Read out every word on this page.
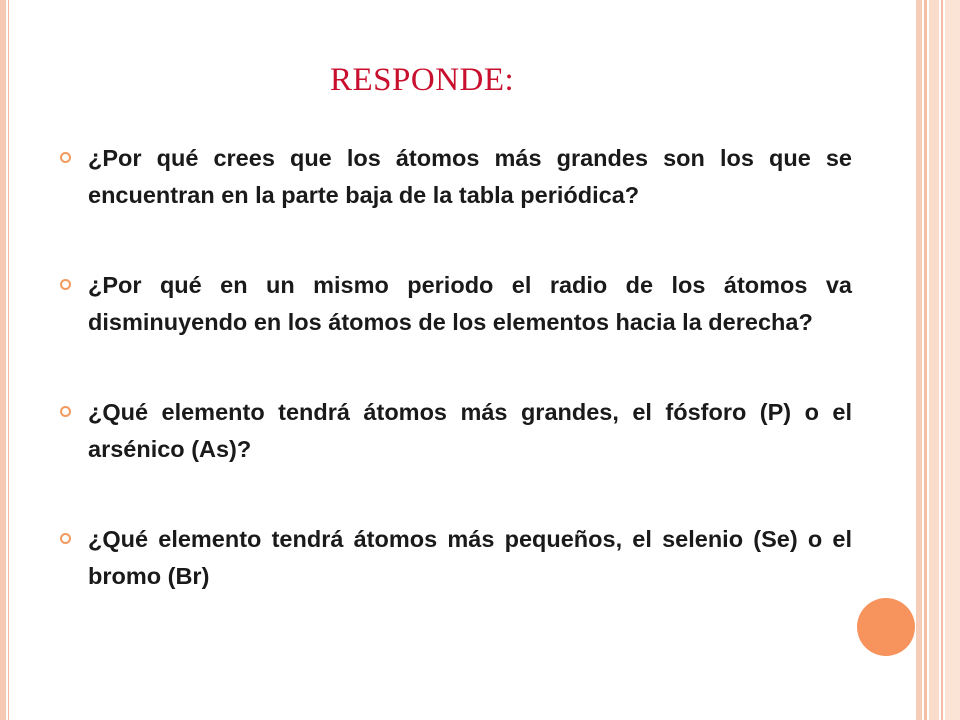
RESPONDE:
¿Por qué crees que los átomos más grandes son los que se encuentran en la parte baja de la tabla periódica?
¿Por qué en un mismo periodo el radio de los átomos va disminuyendo en los átomos de los elementos hacia la derecha?
¿Qué elemento tendrá átomos más grandes, el fósforo (P) o el arsénico (As)?
¿Qué elemento tendrá átomos más pequeños, el selenio (Se) o el bromo (Br)
